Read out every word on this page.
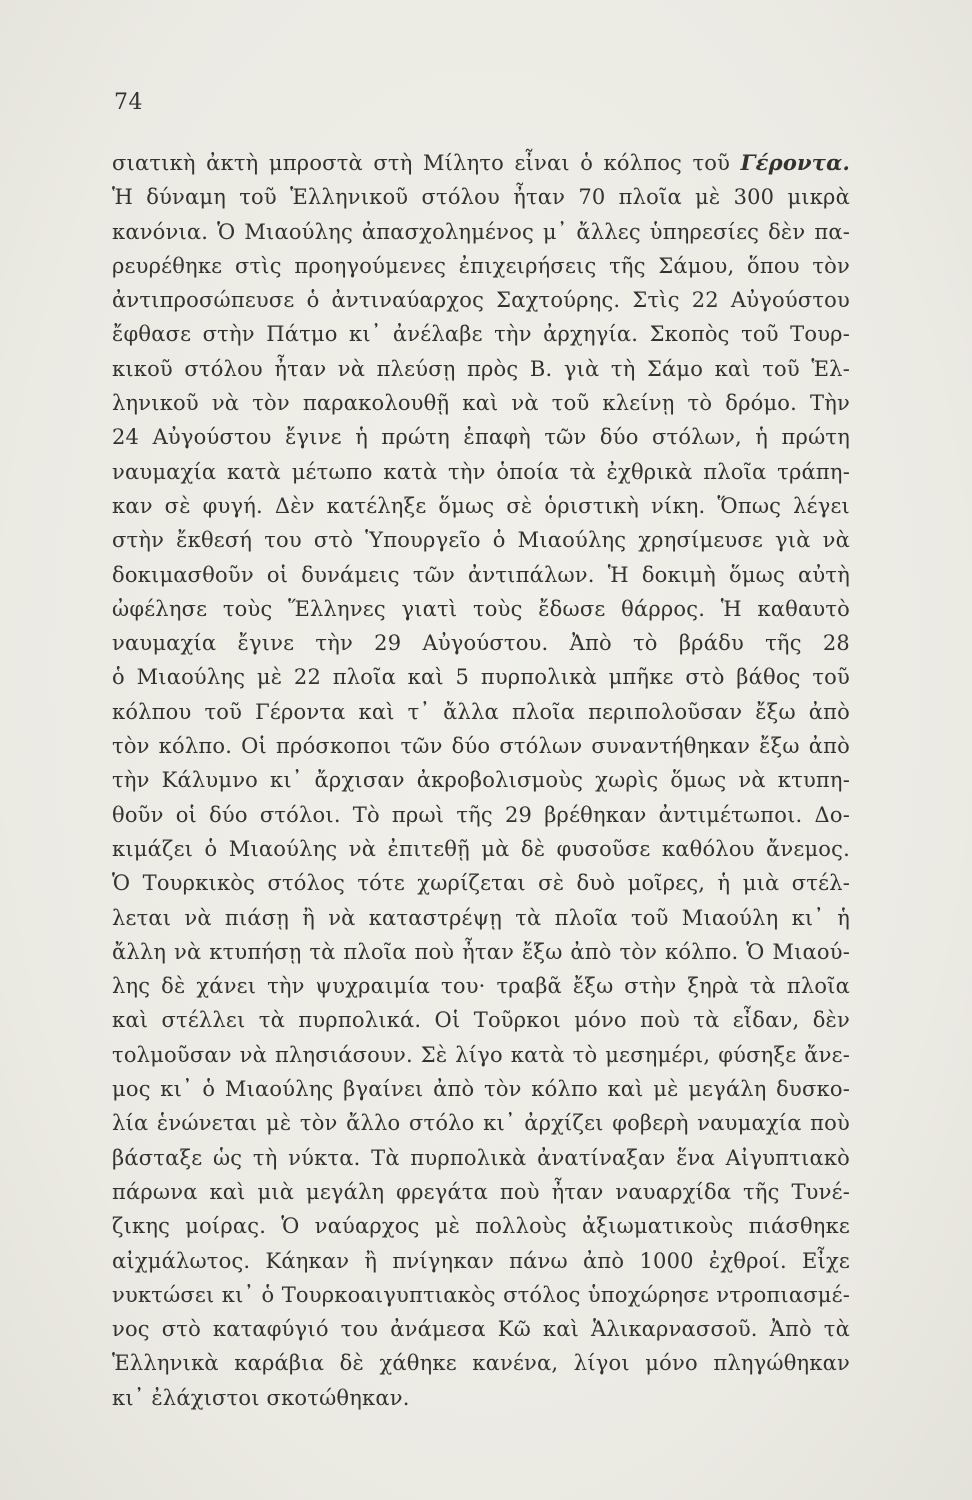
74
σιατικὴ ἀκτὴ μπροστὰ στὴ Μίλητο εἶναι ὁ κόλπος τοῦ Γέροντα.
Ἡ δύναμη τοῦ Ἑλληνικοῦ στόλου ἦταν 70 πλοῖα μὲ 300 μικρὰ
κανόνια. Ὁ Μιαούλης ἀπασχολημένος μ᾿ ἄλλες ὑπηρεσίες δὲν πα-
ρευρέθηκε στὶς προηγούμενες ἐπιχειρήσεις τῆς Σάμου, ὅπου τὸν
ἀντιπροσώπευσε ὁ ἀντιναύαρχος Σαχτούρης. Στὶς 22 Αὐγούστου
ἔφθασε στὴν Πάτμο κι᾿ ἀνέλαβε τὴν ἀρχηγία. Σκοπὸς τοῦ Τουρ-
κικοῦ στόλου ἦταν νὰ πλεύσῃ πρὸς Β. γιὰ τὴ Σάμο καὶ τοῦ Ἑλ-
ληνικοῦ νὰ τὸν παρακολουθῇ καὶ νὰ τοῦ κλείνῃ τὸ δρόμο. Τὴν
24 Αὐγούστου ἔγινε ἡ πρώτη ἐπαφὴ τῶν δύο στόλων, ἡ πρώτη
ναυμαχία κατὰ μέτωπο κατὰ τὴν ὁποία τὰ ἐχθρικὰ πλοῖα τράπη-
καν σὲ φυγή. Δὲν κατέληξε ὅμως σὲ ὁριστικὴ νίκη. Ὅπως λέγει
στὴν ἔκθεσή του στὸ Ὑπουργεῖο ὁ Μιαούλης χρησίμευσε γιὰ νὰ
δοκιμασθοῦν οἱ δυνάμεις τῶν ἀντιπάλων. Ἡ δοκιμὴ ὅμως αὐτὴ
ὠφέλησε τοὺς Ἕλληνες γιατὶ τοὺς ἔδωσε θάρρος. Ἡ καθαυτὸ
ναυμαχία ἔγινε τὴν 29 Αὐγούστου. Ἀπὸ τὸ βράδυ τῆς 28
ὁ Μιαούλης μὲ 22 πλοῖα καὶ 5 πυρπολικὰ μπῆκε στὸ βάθος τοῦ
κόλπου τοῦ Γέροντα καὶ τ᾿ ἄλλα πλοῖα περιπολοῦσαν ἔξω ἀπὸ
τὸν κόλπο. Οἱ πρόσκοποι τῶν δύο στόλων συναντήθηκαν ἔξω ἀπὸ
τὴν Κάλυμνο κι᾿ ἄρχισαν ἀκροβολισμοὺς χωρὶς ὅμως νὰ κτυπη-
θοῦν οἱ δύο στόλοι. Τὸ πρωὶ τῆς 29 βρέθηκαν ἀντιμέτωποι. Δο-
κιμάζει ὁ Μιαούλης νὰ ἐπιτεθῇ μὰ δὲ φυσοῦσε καθόλου ἄνεμος.
Ὁ Τουρκικὸς στόλος τότε χωρίζεται σὲ δυὸ μοῖρες, ἡ μιὰ στέλ-
λεται νὰ πιάσῃ ἢ νὰ καταστρέψῃ τὰ πλοῖα τοῦ Μιαούλη κι᾿ ἡ
ἄλλη νὰ κτυπήσῃ τὰ πλοῖα ποὺ ἦταν ἔξω ἀπὸ τὸν κόλπο. Ὁ Μιαού-
λης δὲ χάνει τὴν ψυχραιμία του· τραβᾶ ἔξω στὴν ξηρὰ τὰ πλοῖα
καὶ στέλλει τὰ πυρπολικά. Οἱ Τοῦρκοι μόνο ποὺ τὰ εἶδαν, δὲν
τολμοῦσαν νὰ πλησιάσουν. Σὲ λίγο κατὰ τὸ μεσημέρι, φύσηξε ἄνε-
μος κι᾿ ὁ Μιαούλης βγαίνει ἀπὸ τὸν κόλπο καὶ μὲ μεγάλη δυσκο-
λία ἑνώνεται μὲ τὸν ἄλλο στόλο κι᾿ ἀρχίζει φοβερὴ ναυμαχία ποὺ
βάσταξε ὡς τὴ νύκτα. Τὰ πυρπολικὰ ἀνατίναξαν ἕνα Αἰγυπτιακὸ
πάρωνα καὶ μιὰ μεγάλη φρεγάτα ποὺ ἦταν ναυαρχίδα τῆς Τυνέ-
ζικης μοίρας. Ὁ ναύαρχος μὲ πολλοὺς ἀξιωματικοὺς πιάσθηκε
αἰχμάλωτος. Κάηκαν ἢ πνίγηκαν πάνω ἀπὸ 1000 ἐχθροί. Εἶχε
νυκτώσει κι᾿ ὁ Τουρκοαιγυπτιακὸς στόλος ὑποχώρησε ντροπιασμέ-
νος στὸ καταφύγιό του ἀνάμεσα Κῶ καὶ Ἁλικαρνασσοῦ. Ἀπὸ τὰ
Ἑλληνικὰ καράβια δὲ χάθηκε κανένα, λίγοι μόνο πληγώθηκαν
κι᾿ ἐλάχιστοι σκοτώθηκαν.
